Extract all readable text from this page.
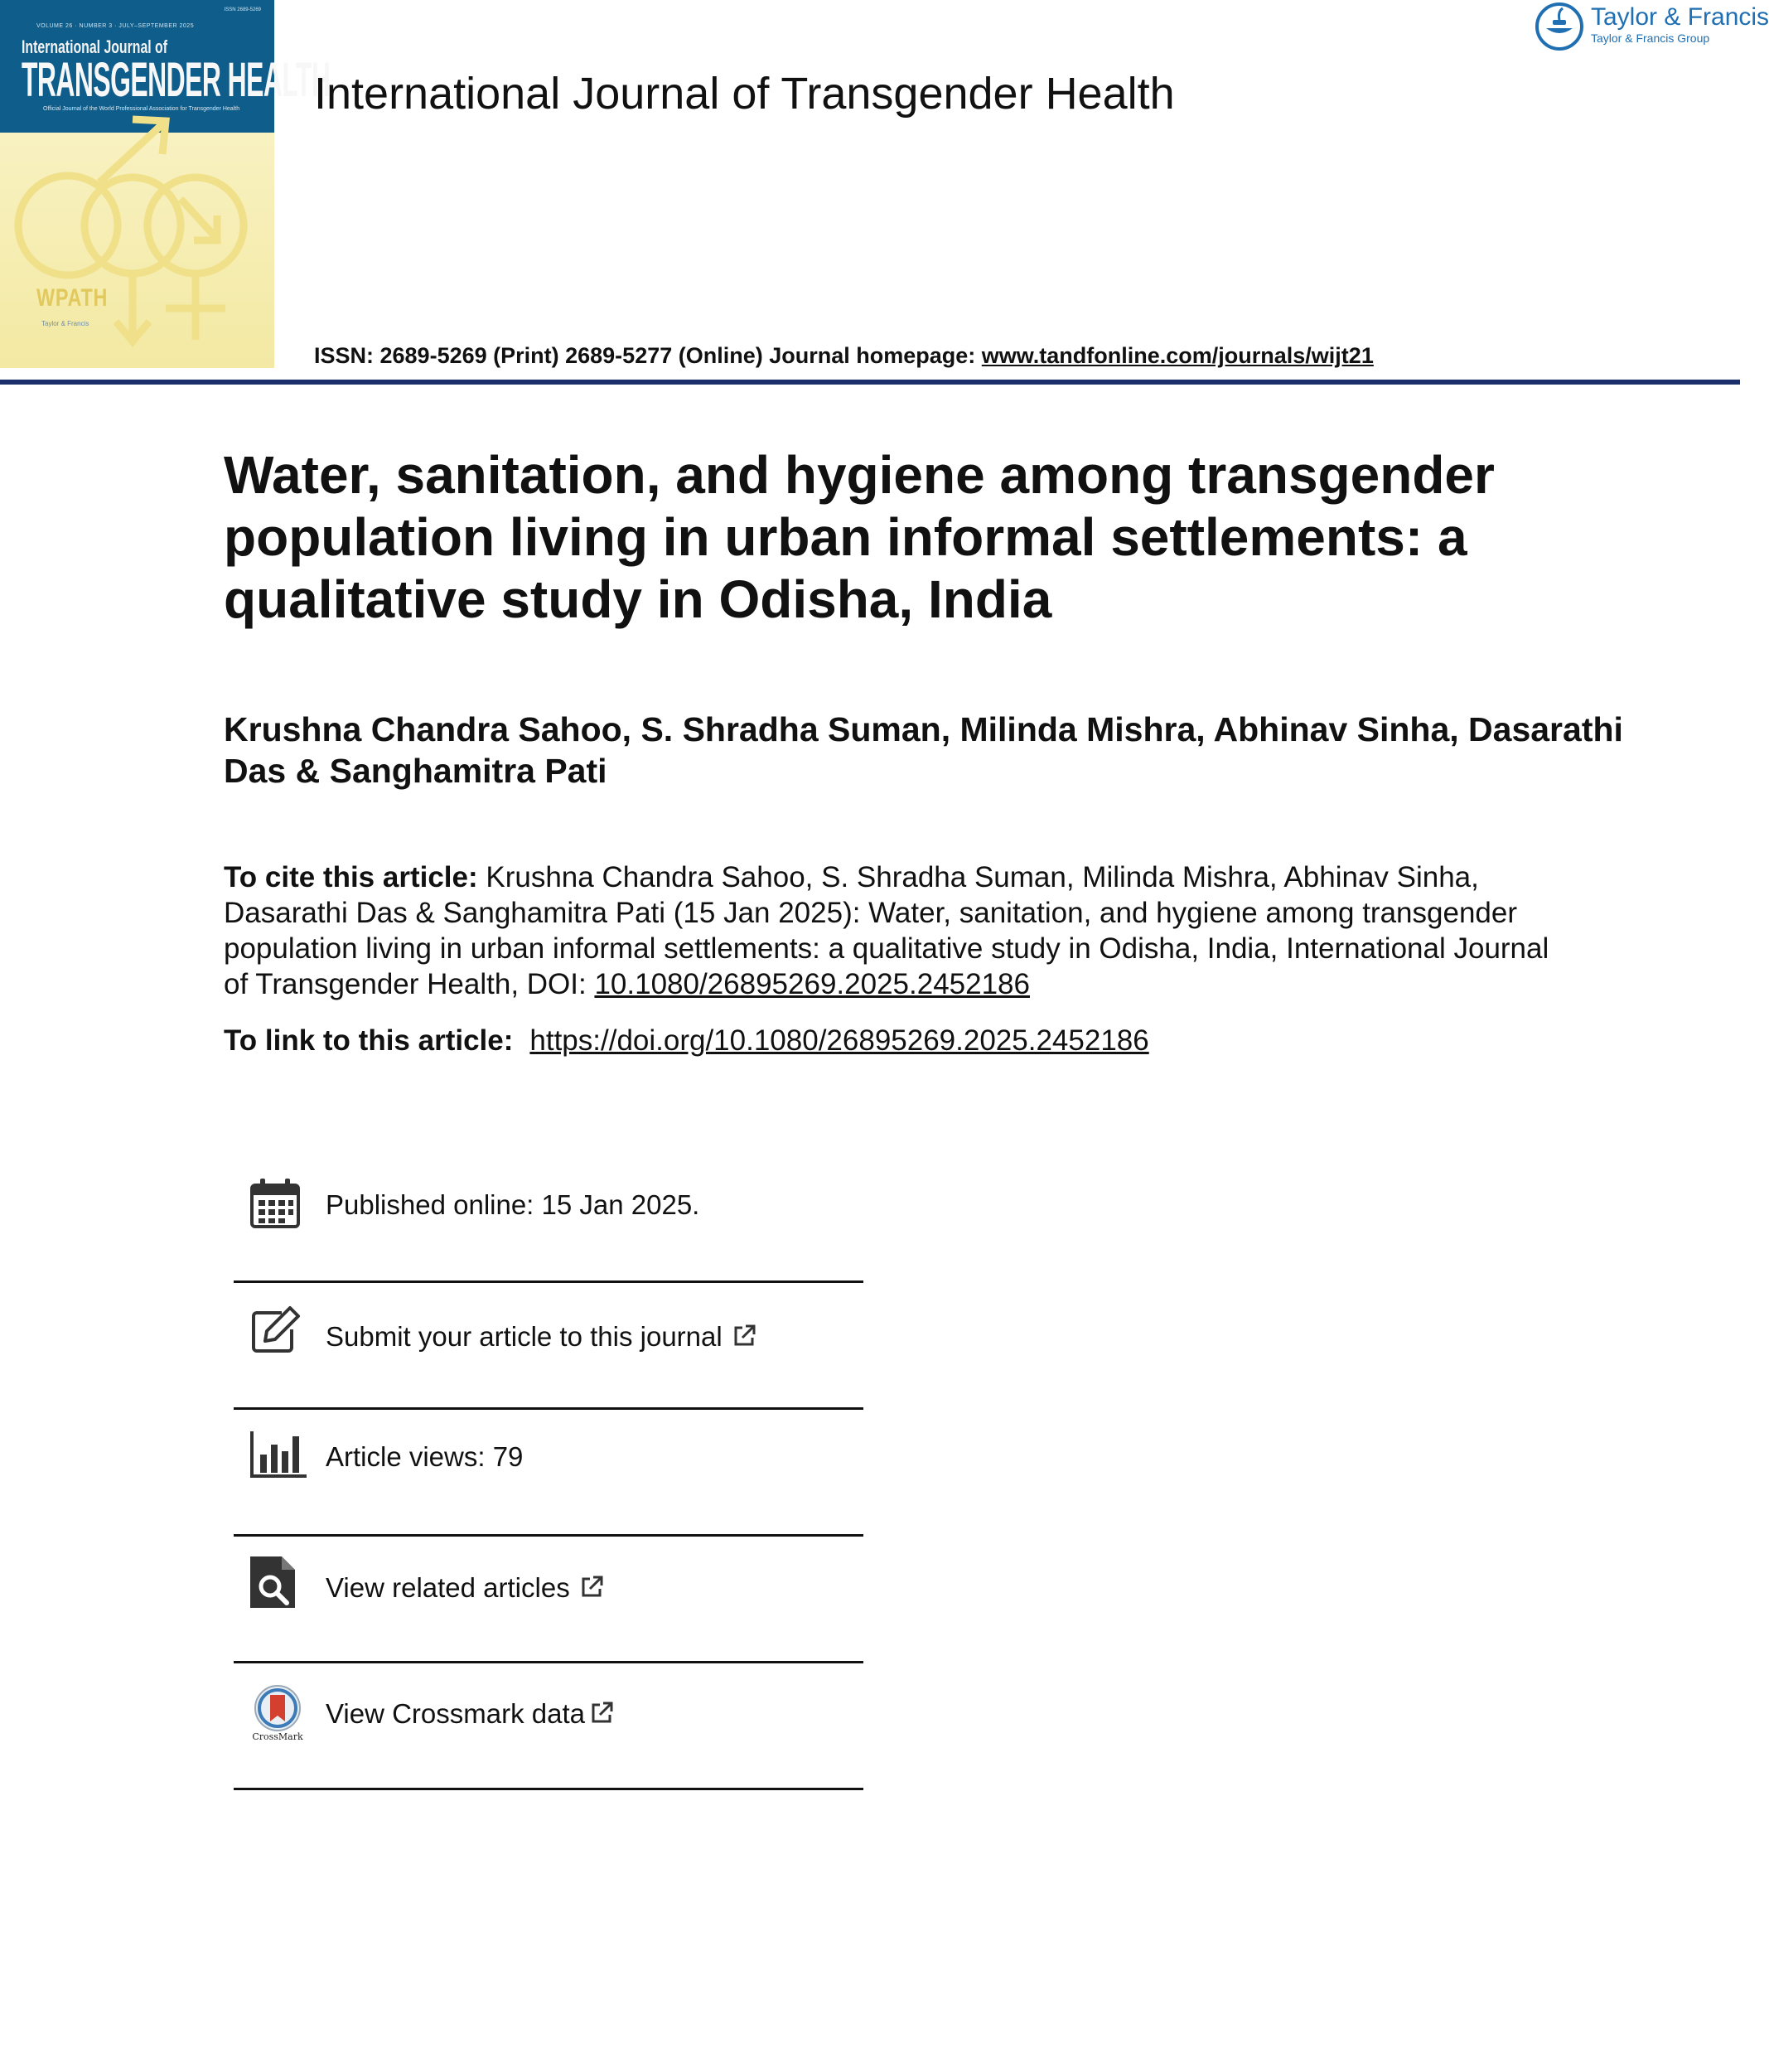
ISSN 2689-5269
VOLUME 26 · NUMBER 3 · JULY–SEPTEMBER 2025
International Journal of
TRANSGENDER HEALTH
Official Journal of the World Professional Association for Transgender Health
WPATH
Taylor & Francis
International Journal of Transgender Health
Taylor & Francis
Taylor & Francis Group
ISSN: 2689-5269 (Print) 2689-5277 (Online) Journal homepage: www.tandfonline.com/journals/wijt21
Water, sanitation, and hygiene among transgender population living in urban informal settlements: a qualitative study in Odisha, India
Krushna Chandra Sahoo, S. Shradha Suman, Milinda Mishra, Abhinav Sinha, Dasarathi Das & Sanghamitra Pati
To cite this article: Krushna Chandra Sahoo, S. Shradha Suman, Milinda Mishra, Abhinav Sinha, Dasarathi Das & Sanghamitra Pati (15 Jan 2025): Water, sanitation, and hygiene among transgender population living in urban informal settlements: a qualitative study in Odisha, India, International Journal of Transgender Health, DOI: 10.1080/26895269.2025.2452186
To link to this article: https://doi.org/10.1080/26895269.2025.2452186
Published online: 15 Jan 2025.
Submit your article to this journal
Article views: 79
View related articles
CrossMark
View Crossmark data
